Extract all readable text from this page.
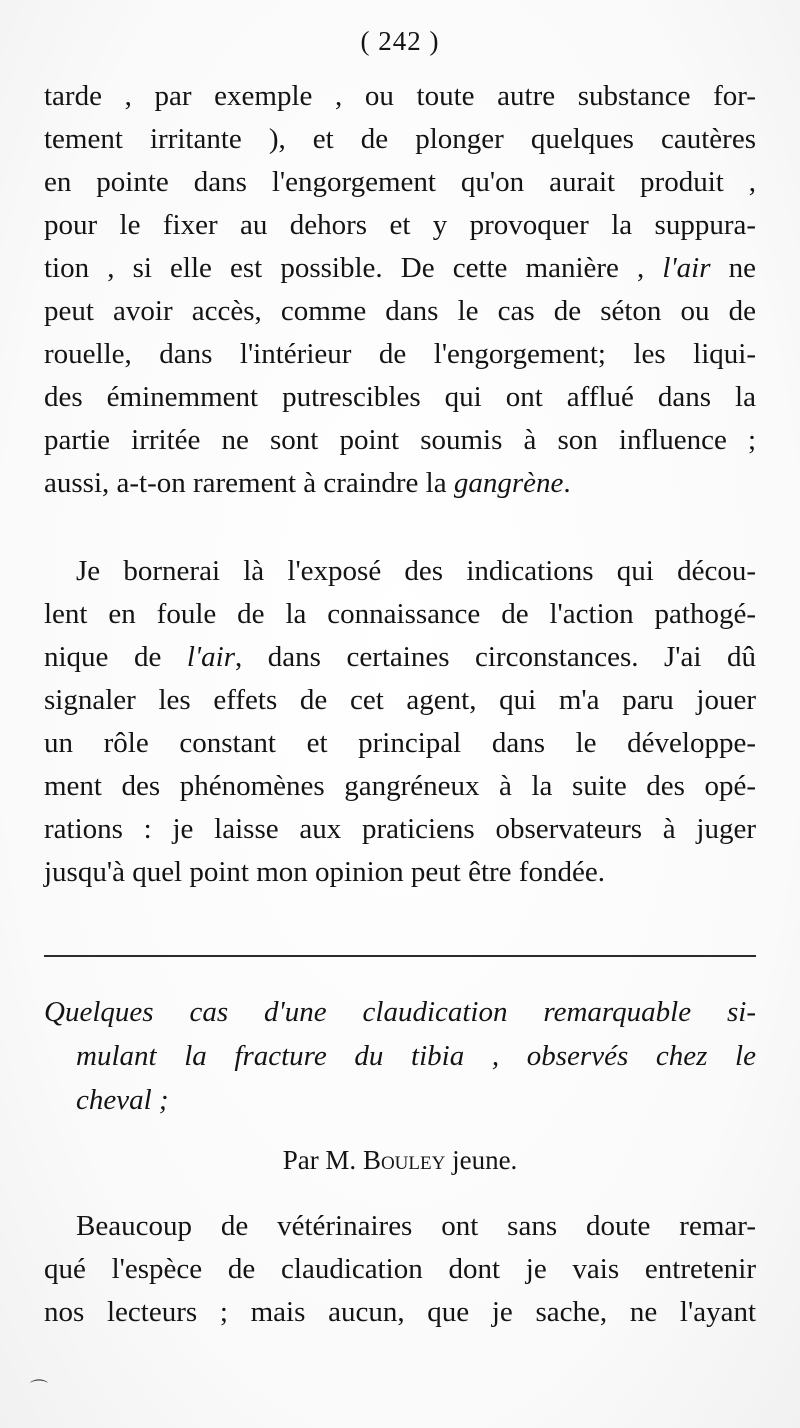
( 242 )
tarde , par exemple , ou toute autre substance for-
tement irritante ), et de plonger quelques cautères
en pointe dans l'engorgement qu'on aurait produit ,
pour le fixer au dehors et y provoquer la suppura-
tion , si elle est possible. De cette manière , l'air ne
peut avoir accès, comme dans le cas de séton ou de
rouelle, dans l'intérieur de l'engorgement; les liqui-
des éminemment putrescibles qui ont afflué dans la
partie irritée ne sont point soumis à son influence ;
aussi, a-t-on rarement à craindre la gangrène.
Je bornerai là l'exposé des indications qui décou-
lent en foule de la connaissance de l'action pathogé-
nique de l'air, dans certaines circonstances. J'ai dû
signaler les effets de cet agent, qui m'a paru jouer
un rôle constant et principal dans le développe-
ment des phénomènes gangréneux à la suite des opé-
rations : je laisse aux praticiens observateurs à juger
jusqu'à quel point mon opinion peut être fondée.
Quelques cas d'une claudication remarquable si-
mulant la fracture du tibia , observés chez le
cheval ;
Par M. Bouley jeune.
Beaucoup de vétérinaires ont sans doute remar-
qué l'espèce de claudication dont je vais entretenir
nos lecteurs ; mais aucun, que je sache, ne l'ayant
⌒
